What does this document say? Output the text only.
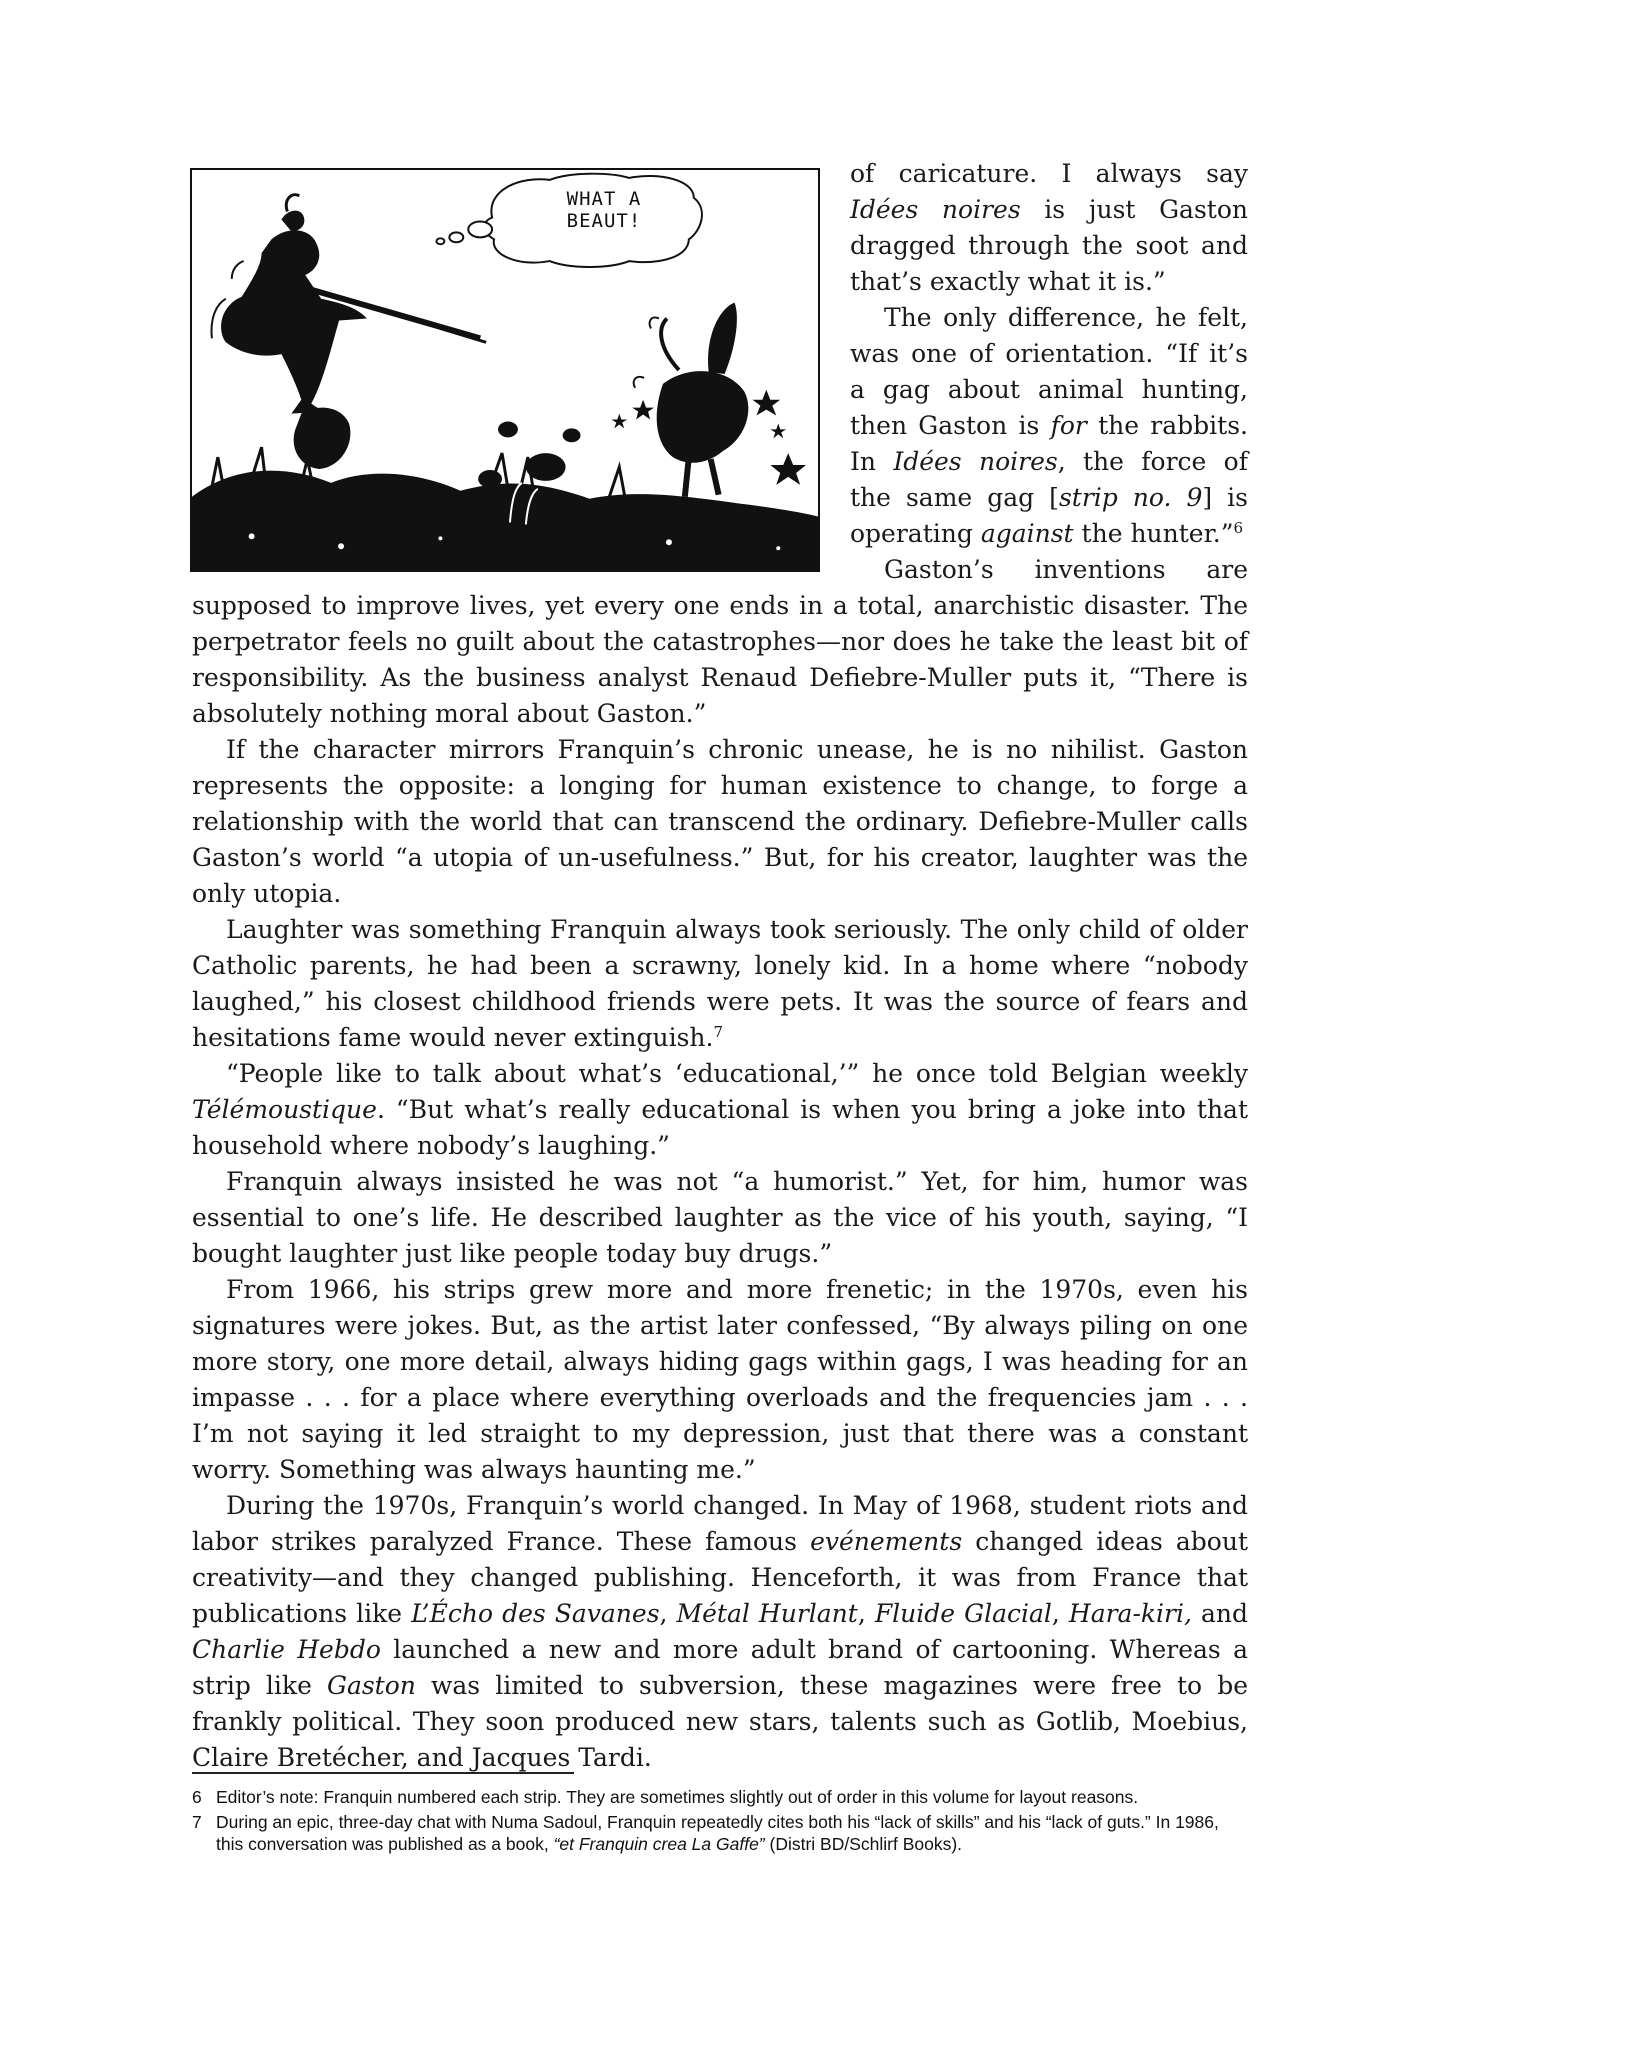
WHAT A
BEAUT!

of caricature. I always say Idées noires is just Gaston dragged through the soot and that’s exactly what it is.”

The only difference, he felt, was one of orientation. “If it’s a gag about animal hunting, then Gaston is for the rabbits. In Idées noires, the force of the same gag [strip no. 9] is operating against the hunter.”$^6$

Gaston’s inventions are supposed to improve lives, yet every one ends in a total, anarchistic disaster. The perpetrator feels no guilt about the catastrophes—nor does he take the least bit of responsibility. As the business analyst Renaud Defiebre-Muller puts it, “There is absolutely nothing moral about Gaston.”

If the character mirrors Franquin’s chronic unease, he is no nihilist. Gaston represents the opposite: a longing for human existence to change, to forge a relationship with the world that can transcend the ordinary. Defiebre-Muller calls Gaston’s world “a utopia of un-usefulness.” But, for his creator, laughter was the only utopia.

Laughter was something Franquin always took seriously. The only child of older Catholic parents, he had been a scrawny, lonely kid. In a home where “nobody laughed,” his closest childhood friends were pets. It was the source of fears and hesitations fame would never extinguish.$^7$

“People like to talk about what’s ‘educational,’” he once told Belgian weekly Télémoustique. “But what’s really educational is when you bring a joke into that household where nobody’s laughing.”

Franquin always insisted he was not “a humorist.” Yet, for him, humor was essential to one’s life. He described laughter as the vice of his youth, saying, “I bought laughter just like people today buy drugs.”

From 1966, his strips grew more and more frenetic; in the 1970s, even his signatures were jokes. But, as the artist later confessed, “By always piling on one more story, one more detail, always hiding gags within gags, I was heading for an impasse . . . for a place where everything overloads and the frequencies jam . . . I’m not saying it led straight to my depression, just that there was a constant worry. Something was always haunting me.”

During the 1970s, Franquin’s world changed. In May of 1968, student riots and labor strikes paralyzed France. These famous evénements changed ideas about creativity—and they changed publishing. Henceforth, it was from France that publications like L’Écho des Savanes, Métal Hurlant, Fluide Glacial, Hara-kiri, and Charlie Hebdo launched a new and more adult brand of cartooning. Whereas a strip like Gaston was limited to subversion, these magazines were free to be frankly political. They soon produced new stars, talents such as Gotlib, Moebius, Claire Bretécher, and Jacques Tardi.

6 Editor’s note: Franquin numbered each strip. They are sometimes slightly out of order in this volume for layout reasons.
7 During an epic, three-day chat with Numa Sadoul, Franquin repeatedly cites both his “lack of skills” and his “lack of guts.” In 1986, this conversation was published as a book, “et Franquin crea La Gaffe” (Distri BD/Schlirf Books).
